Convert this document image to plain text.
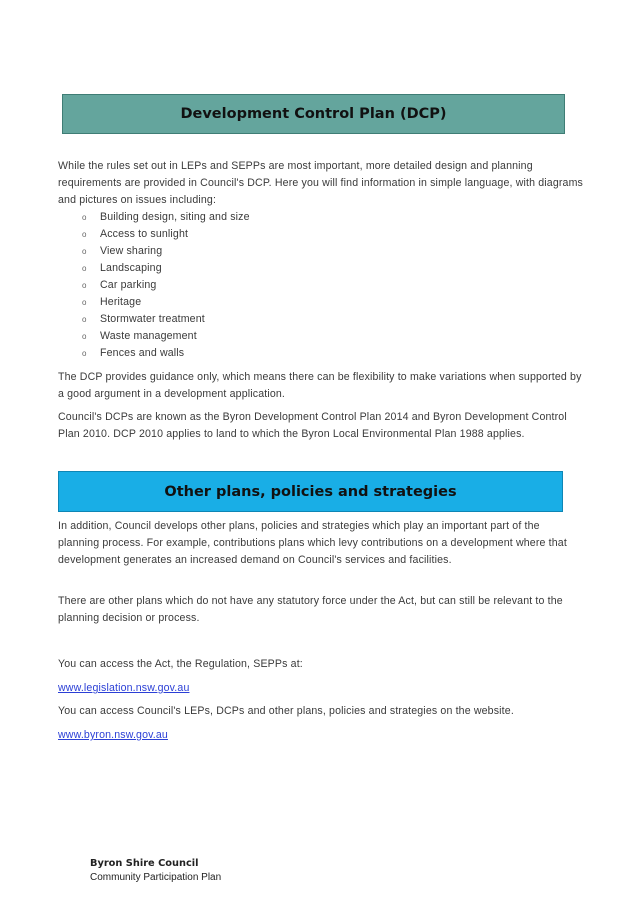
Development Control Plan (DCP)

While the rules set out in LEPs and SEPPs are most important, more detailed design and planning requirements are provided in Council's DCP. Here you will find information in simple language, with diagrams and pictures on issues including:

o	Building design, siting and size
o	Access to sunlight
o	View sharing
o	Landscaping
o	Car parking
o	Heritage
o	Stormwater treatment
o	Waste management
o	Fences and walls

The DCP provides guidance only, which means there can be flexibility to make variations when supported by a good argument in a development application.

Council's DCPs are known as the Byron Development Control Plan 2014 and Byron Development Control Plan 2010. DCP 2010 applies to land to which the Byron Local Environmental Plan 1988 applies.

Other plans, policies and strategies

In addition, Council develops other plans, policies and strategies which play an important part of the planning process. For example, contributions plans which levy contributions on a development where that development generates an increased demand on Council's services and facilities.

There are other plans which do not have any statutory force under the Act, but can still be relevant to the planning decision or process.

You can access the Act, the Regulation, SEPPs at:

www.legislation.nsw.gov.au

You can access Council's LEPs, DCPs and other plans, policies and strategies on the website.

www.byron.nsw.gov.au

Byron Shire Council
Community Participation Plan
